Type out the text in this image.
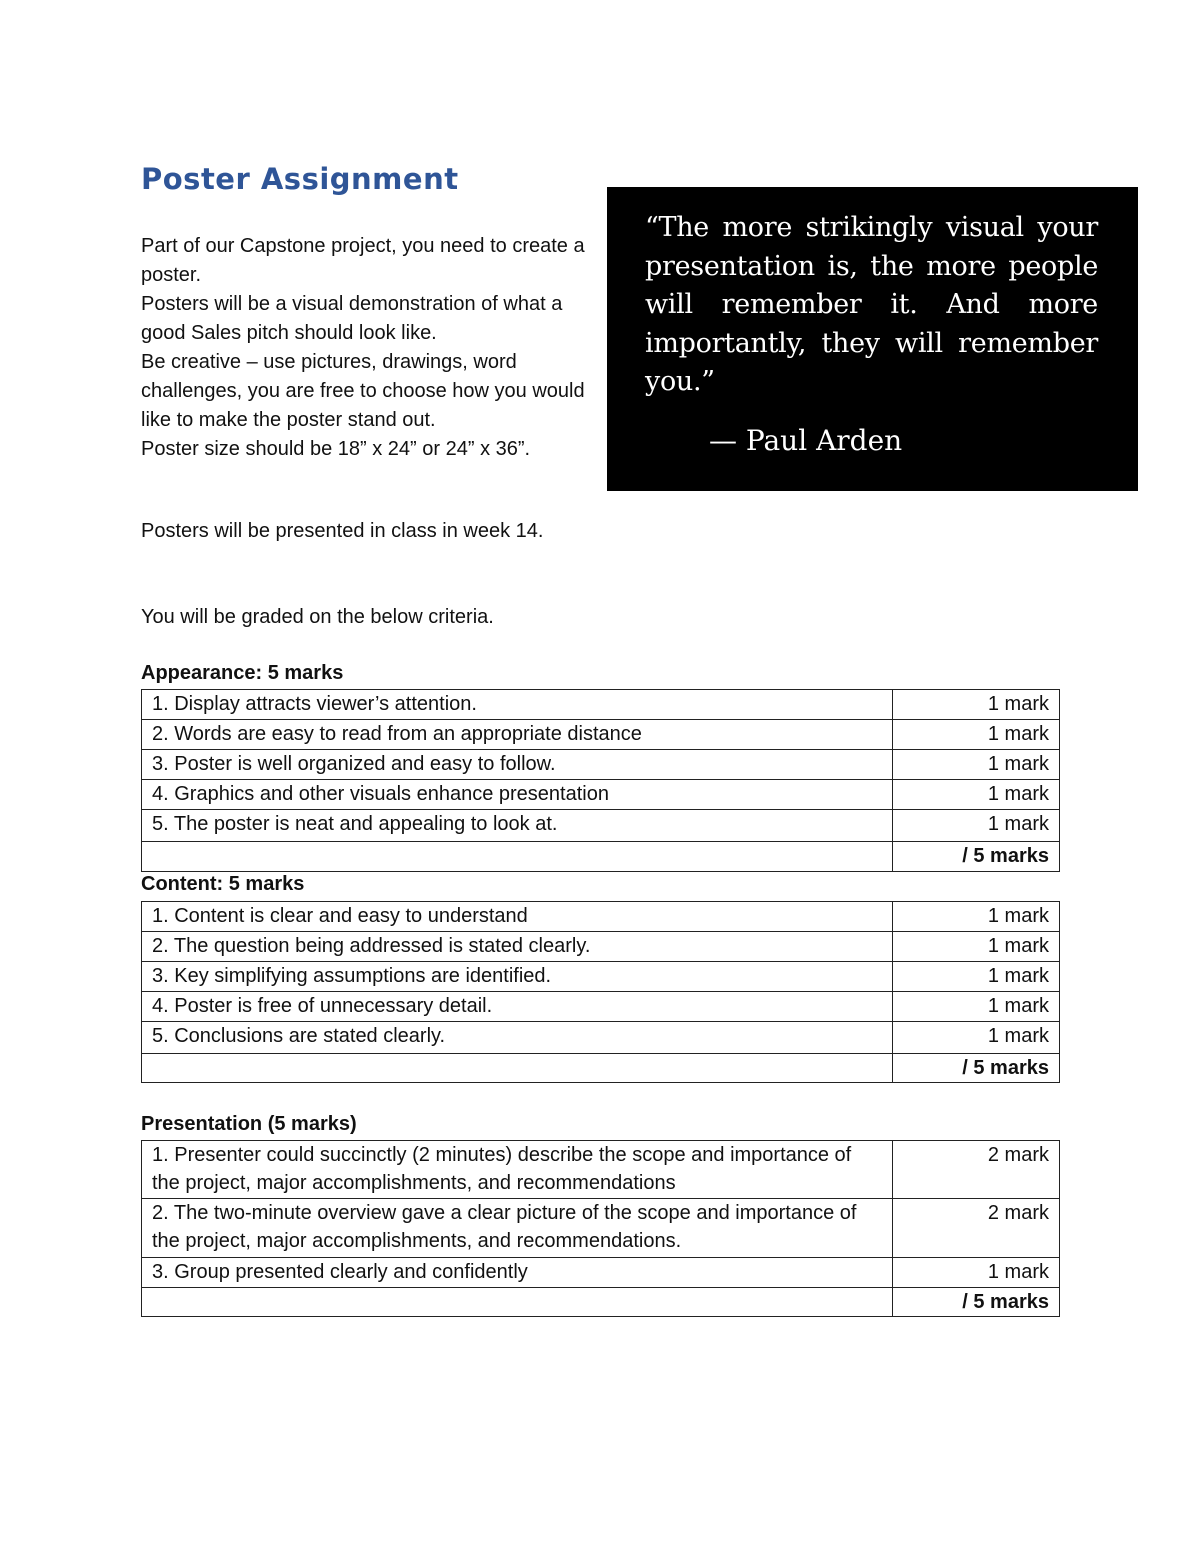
Poster Assignment

Part of our Capstone project, you need to create a poster.

Posters will be a visual demonstration of what a good Sales pitch should look like.

Be creative – use pictures, drawings, word challenges, you are free to choose how you would like to make the poster stand out.

Poster size should be 18” x 24” or 24” x 36”.

“The more strikingly visual your presentation is, the more people will remember it. And more importantly, they will remember you.”

— Paul Arden

Posters will be presented in class in week 14.

You will be graded on the below criteria.

Appearance: 5 marks

1. Display attracts viewer’s attention.	1 mark
2. Words are easy to read from an appropriate distance	1 mark
3. Poster is well organized and easy to follow.	1 mark
4. Graphics and other visuals enhance presentation	1 mark
5. The poster is neat and appealing to look at.	1 mark
	/ 5 marks

Content: 5 marks

1. Content is clear and easy to understand	1 mark
2. The question being addressed is stated clearly.	1 mark
3. Key simplifying assumptions are identified.	1 mark
4. Poster is free of unnecessary detail.	1 mark
5. Conclusions are stated clearly.	1 mark
	/ 5 marks

Presentation (5 marks)

1. Presenter could succinctly (2 minutes) describe the scope and importance of the project, major accomplishments, and recommendations	2 mark
2. The two-minute overview gave a clear picture of the scope and importance of the project, major accomplishments, and recommendations.	2 mark
3. Group presented clearly and confidently	1 mark
	/ 5 marks
